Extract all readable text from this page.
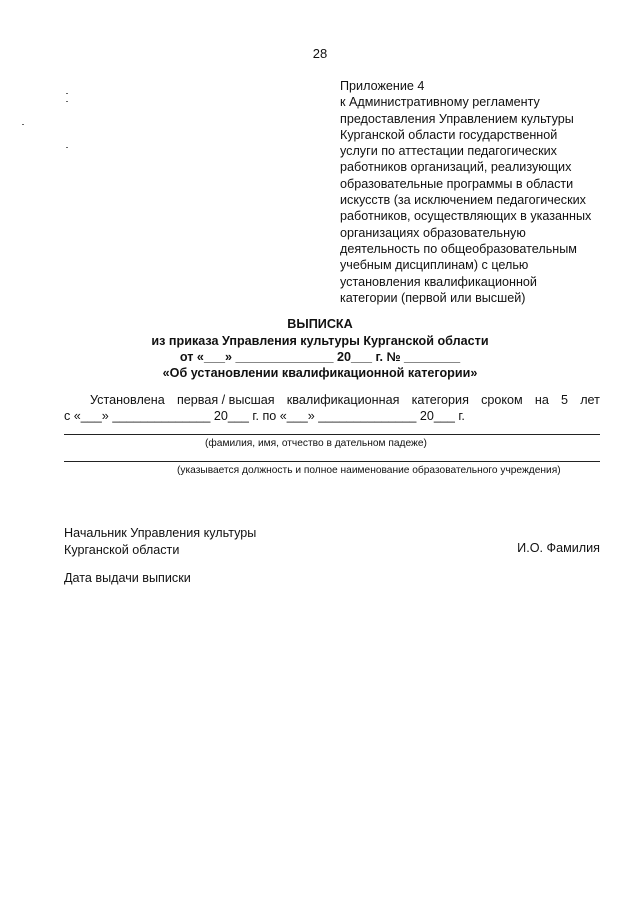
28
Приложение 4
к Административному регламенту
предоставления Управлением культуры
Курганской области государственной
услуги по аттестации педагогических
работников организаций, реализующих
образовательные программы в области
искусств (за исключением педагогических
работников, осуществляющих в указанных
организациях образовательную
деятельность по общеобразовательным
учебным дисциплинам) с целью
установления квалификационной
категории (первой или высшей)
ВЫПИСКА
из приказа Управления культуры Курганской области
от «___» ______________ 20___ г. № ________
«Об установлении квалификационной категории»
Установлена первая / высшая квалификационная категория сроком на 5 лет
с «___» ______________ 20___ г. по «___» ______________ 20___ г.
(фамилия, имя, отчество в дательном падеже)
(указывается должность и полное наименование образовательного учреждения)
Начальник Управления культуры
Курганской области	И.О. Фамилия
Дата выдачи выписки
